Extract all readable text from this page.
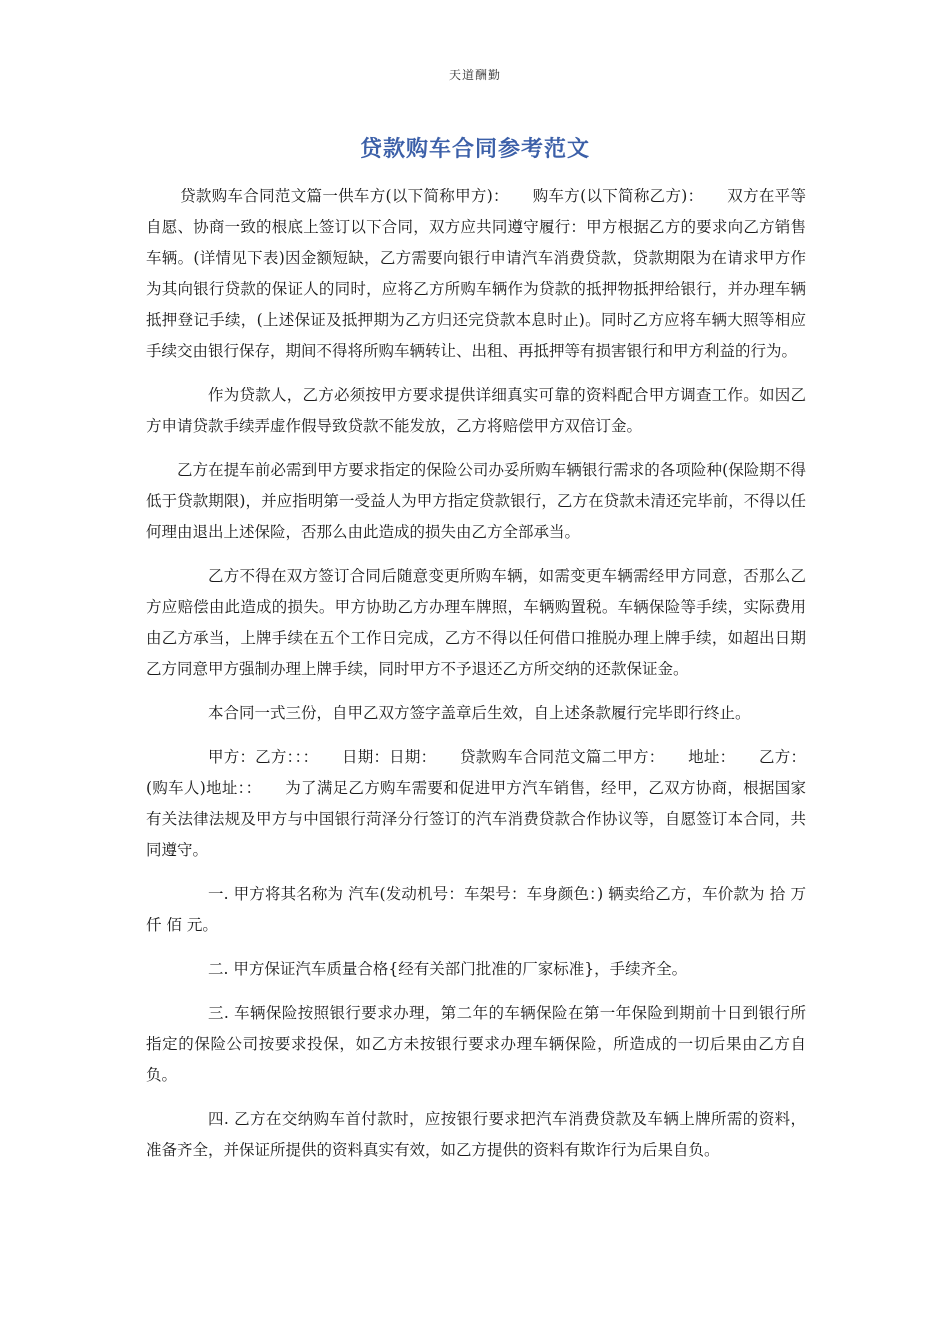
天道酬勤
贷款购车合同参考范文

贷款购车合同范文篇一供车方(以下简称甲方)：　　购车方(以下简称乙方)：　　双方在平等自愿、协商一致的根底上签订以下合同，双方应共同遵守履行：甲方根据乙方的要求向乙方销售车辆。(详情见下表)因金额短缺，乙方需要向银行申请汽车消费贷款，贷款期限为在请求甲方作为其向银行贷款的保证人的同时，应将乙方所购车辆作为贷款的抵押物抵押给银行，并办理车辆抵押登记手续，(上述保证及抵押期为乙方归还完贷款本息时止)。同时乙方应将车辆大照等相应手续交由银行保存，期间不得将所购车辆转让、出租、再抵押等有损害银行和甲方利益的行为。

作为贷款人，乙方必须按甲方要求提供详细真实可靠的资料配合甲方调查工作。如因乙方申请贷款手续弄虚作假导致贷款不能发放，乙方将赔偿甲方双倍订金。

乙方在提车前必需到甲方要求指定的保险公司办妥所购车辆银行需求的各项险种(保险期不得低于贷款期限)，并应指明第一受益人为甲方指定贷款银行，乙方在贷款未清还完毕前，不得以任何理由退出上述保险，否那么由此造成的损失由乙方全部承当。

乙方不得在双方签订合同后随意变更所购车辆，如需变更车辆需经甲方同意，否那么乙方应赔偿由此造成的损失。甲方协助乙方办理车牌照，车辆购置税。车辆保险等手续，实际费用由乙方承当，上牌手续在五个工作日完成，乙方不得以任何借口推脱办理上牌手续，如超出日期乙方同意甲方强制办理上牌手续，同时甲方不予退还乙方所交纳的还款保证金。

本合同一式三份，自甲乙双方签字盖章后生效，自上述条款履行完毕即行终止。

甲方：乙方：：：　　日期：日期：　　贷款购车合同范文篇二甲方：　　地址：　　乙方：(购车人)地址：：　　为了满足乙方购车需要和促进甲方汽车销售，经甲，乙双方协商，根据国家有关法律法规及甲方与中国银行菏泽分行签订的汽车消费贷款合作协议等，自愿签订本合同，共同遵守。

一. 甲方将其名称为 汽车(发动机号：车架号：车身颜色：) 辆卖给乙方，车价款为 拾 万 仟 佰 元。

二. 甲方保证汽车质量合格{经有关部门批准的厂家标准}，手续齐全。

三. 车辆保险按照银行要求办理，第二年的车辆保险在第一年保险到期前十日到银行所指定的保险公司按要求投保，如乙方未按银行要求办理车辆保险，所造成的一切后果由乙方自负。

四. 乙方在交纳购车首付款时，应按银行要求把汽车消费贷款及车辆上牌所需的资料，准备齐全，并保证所提供的资料真实有效，如乙方提供的资料有欺诈行为后果自负。
